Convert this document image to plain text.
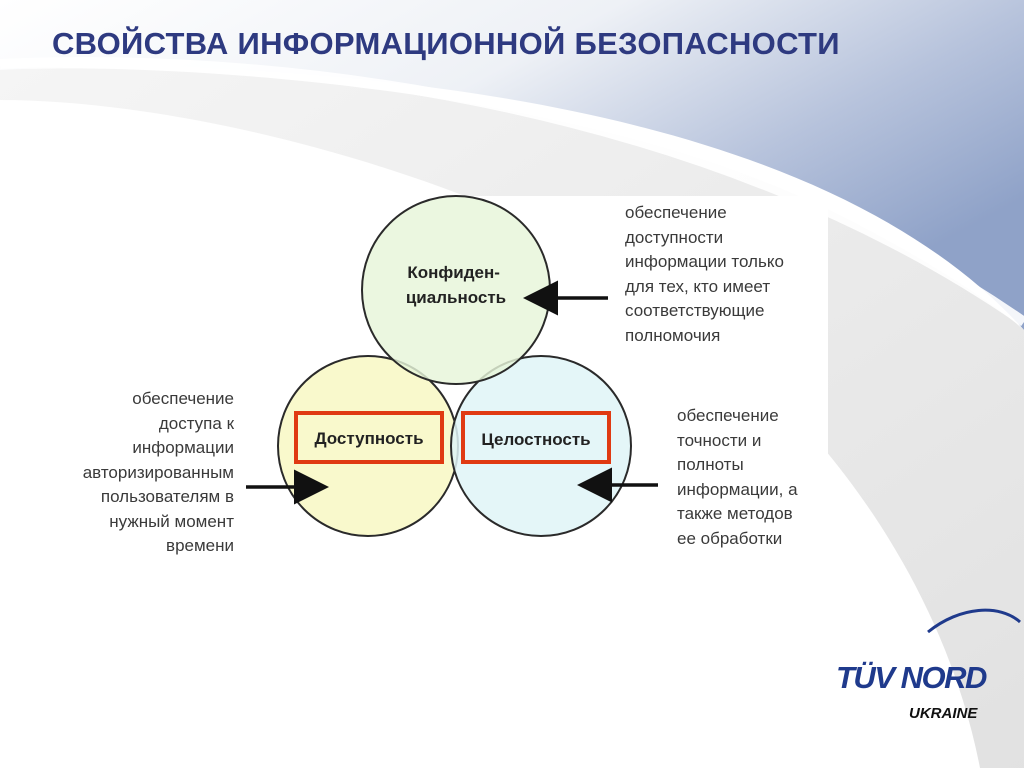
СВОЙСТВА ИНФОРМАЦИОННОЙ БЕЗОПАСНОСТИ
Конфиден- циальность
Доступность	Целостность

обеспечение
доступности
информации только
для тех, кто имеет
соответствующие
полномочия

обеспечение
доступа к
информации
авторизированным
пользователям в
нужный момент
времени

обеспечение
точности и
полноты
информации, а
также методов
ее обработки

TÜV NORD
UKRAINE
